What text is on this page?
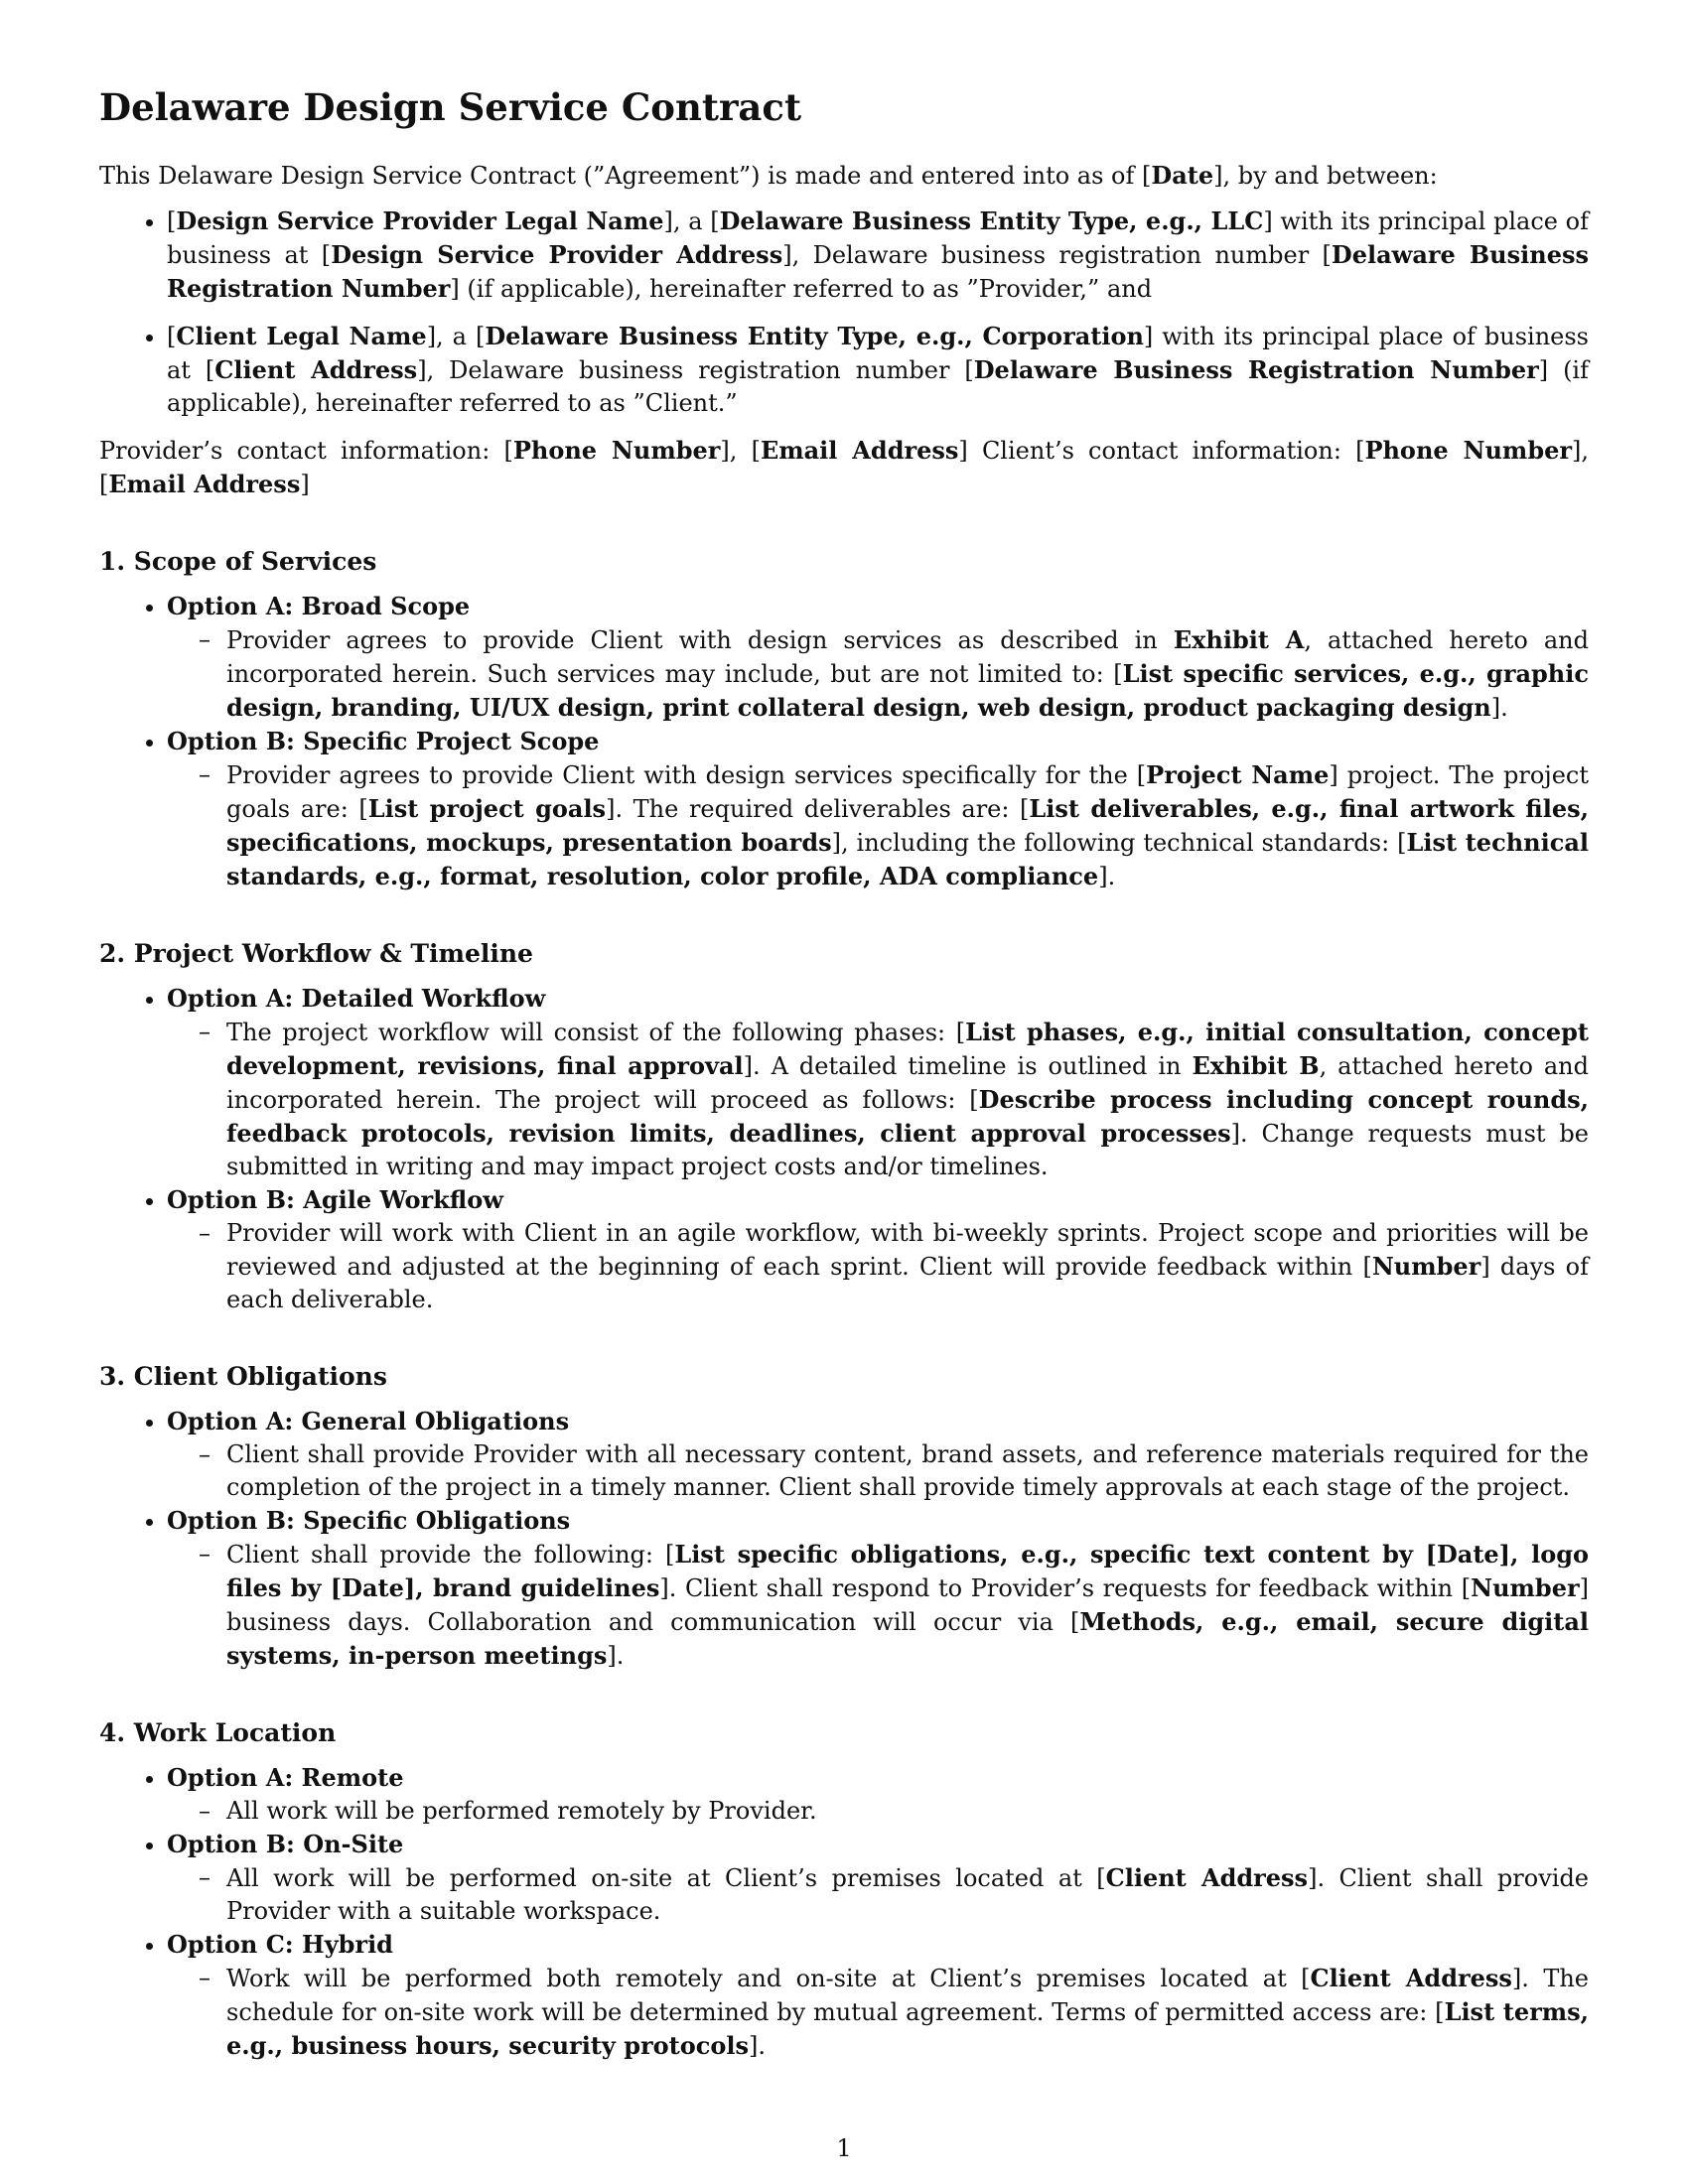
Delaware Design Service Contract

This Delaware Design Service Contract (”Agreement”) is made and entered into as of [Date], by and between:

• [Design Service Provider Legal Name], a [Delaware Business Entity Type, e.g., LLC] with its principal place of business at [Design Service Provider Address], Delaware business registration number [Delaware Business Registration Number] (if applicable), hereinafter referred to as ”Provider,” and
• [Client Legal Name], a [Delaware Business Entity Type, e.g., Corporation] with its principal place of business at [Client Address], Delaware business registration number [Delaware Business Registration Number] (if applicable), hereinafter referred to as ”Client.”

Provider’s contact information: [Phone Number], [Email Address] Client’s contact information: [Phone Number], [Email Address]

1. Scope of Services
• Option A: Broad Scope
– Provider agrees to provide Client with design services as described in Exhibit A, attached hereto and incorporated herein. Such services may include, but are not limited to: [List specific services, e.g., graphic design, branding, UI/UX design, print collateral design, web design, product packaging design].
• Option B: Specific Project Scope
– Provider agrees to provide Client with design services specifically for the [Project Name] project. The project goals are: [List project goals]. The required deliverables are: [List deliverables, e.g., final artwork files, specifications, mockups, presentation boards], including the following technical standards: [List technical standards, e.g., format, resolution, color profile, ADA compliance].
2. Project Workflow & Timeline
• Option A: Detailed Workflow
– The project workflow will consist of the following phases: [List phases, e.g., initial consultation, concept development, revisions, final approval]. A detailed timeline is outlined in Exhibit B, attached hereto and incorporated herein. The project will proceed as follows: [Describe process including concept rounds, feedback protocols, revision limits, deadlines, client approval processes]. Change requests must be submitted in writing and may impact project costs and/or timelines.
• Option B: Agile Workflow
– Provider will work with Client in an agile workflow, with bi-weekly sprints. Project scope and priorities will be reviewed and adjusted at the beginning of each sprint. Client will provide feedback within [Number] days of each deliverable.
3. Client Obligations
• Option A: General Obligations
– Client shall provide Provider with all necessary content, brand assets, and reference materials required for the completion of the project in a timely manner. Client shall provide timely approvals at each stage of the project.
• Option B: Specific Obligations
– Client shall provide the following: [List specific obligations, e.g., specific text content by [Date], logo files by [Date], brand guidelines]. Client shall respond to Provider’s requests for feedback within [Number] business days. Collaboration and communication will occur via [Methods, e.g., email, secure digital systems, in-person meetings].
4. Work Location
• Option A: Remote
– All work will be performed remotely by Provider.
• Option B: On-Site
– All work will be performed on-site at Client’s premises located at [Client Address]. Client shall provide Provider with a suitable workspace.
• Option C: Hybrid
– Work will be performed both remotely and on-site at Client’s premises located at [Client Address]. The schedule for on-site work will be determined by mutual agreement. Terms of permitted access are: [List terms, e.g., business hours, security protocols].
1
